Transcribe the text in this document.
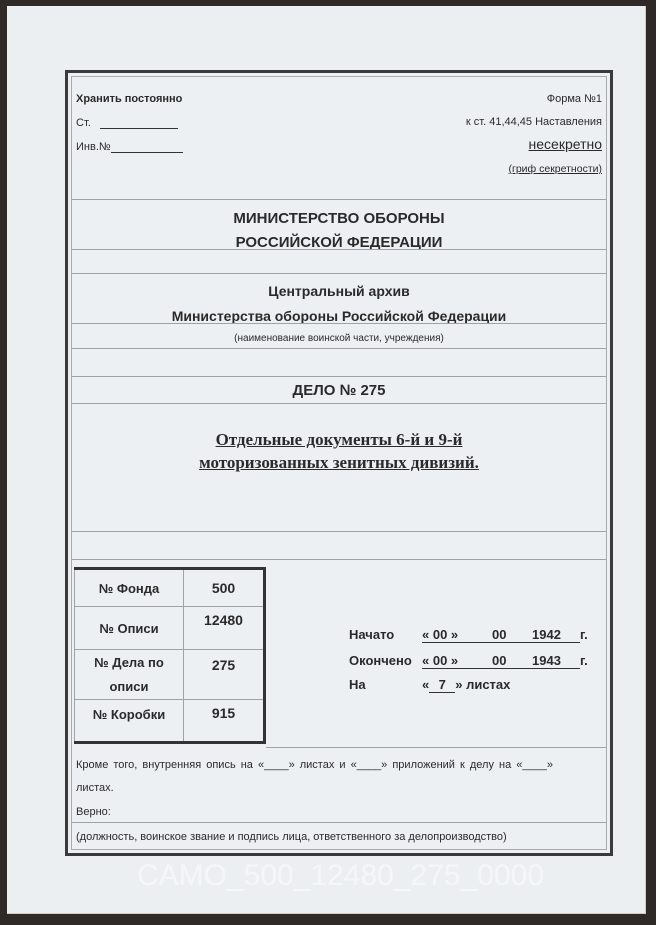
Хранить постоянно
Ст.
Инв.№
Форма №1
к ст. 41,44,45 Наставления
несекретно
(гриф секретности)
МИНИСТЕРСТВО ОБОРОНЫ
РОССИЙСКОЙ ФЕДЕРАЦИИ
Центральный архив
Министерства обороны Российской Федерации
(наименование воинской части, учреждения)
ДЕЛО № 275
Отдельные документы 6-й и 9-й
моторизованных зенитных дивизий.
№ Фонда	500
№ Описи	12480

№ Дела по
описи	275
№ Коробки	915
Начато « 00 »	00 1942 г.
Окончено « 00 »	00 1943 г.
На	« 7 » листах
Кроме того, внутренняя опись на «____» листах и «____» приложений к делу на «____»
листах.
Верно:
(должность, воинское звание и подпись лица, ответственного за делопроизводство)
CAMO_500_12480_275_0000
